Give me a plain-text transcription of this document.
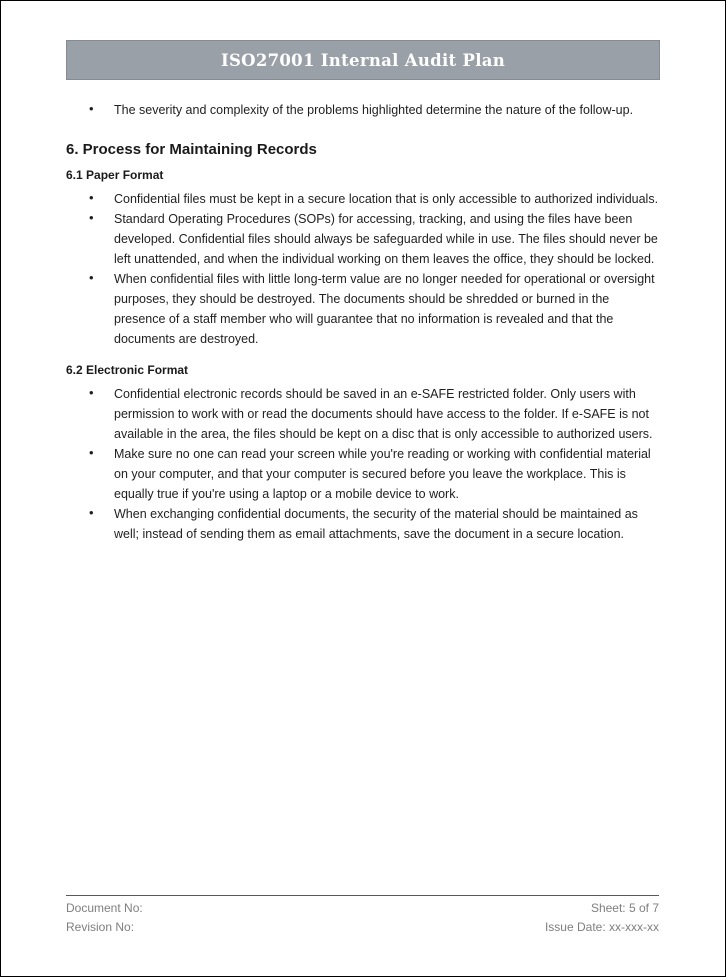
ISO27001 Internal Audit Plan
•	The severity and complexity of the problems highlighted determine the nature of the follow-up.
6. Process for Maintaining Records
6.1 Paper Format
•	Confidential files must be kept in a secure location that is only accessible to authorized individuals.
•	Standard Operating Procedures (SOPs) for accessing, tracking, and using the files have been developed. Confidential files should always be safeguarded while in use. The files should never be left unattended, and when the individual working on them leaves the office, they should be locked.
•	When confidential files with little long-term value are no longer needed for operational or oversight purposes, they should be destroyed. The documents should be shredded or burned in the presence of a staff member who will guarantee that no information is revealed and that the documents are destroyed.
6.2 Electronic Format
•	Confidential electronic records should be saved in an e-SAFE restricted folder. Only users with permission to work with or read the documents should have access to the folder. If e-SAFE is not available in the area, the files should be kept on a disc that is only accessible to authorized users.
•	Make sure no one can read your screen while you're reading or working with confidential material on your computer, and that your computer is secured before you leave the workplace. This is equally true if you're using a laptop or a mobile device to work.
•	When exchanging confidential documents, the security of the material should be maintained as well; instead of sending them as email attachments, save the document in a secure location.
Document No:
Revision No:
Sheet: 5 of 7
Issue Date: xx-xxx-xx
